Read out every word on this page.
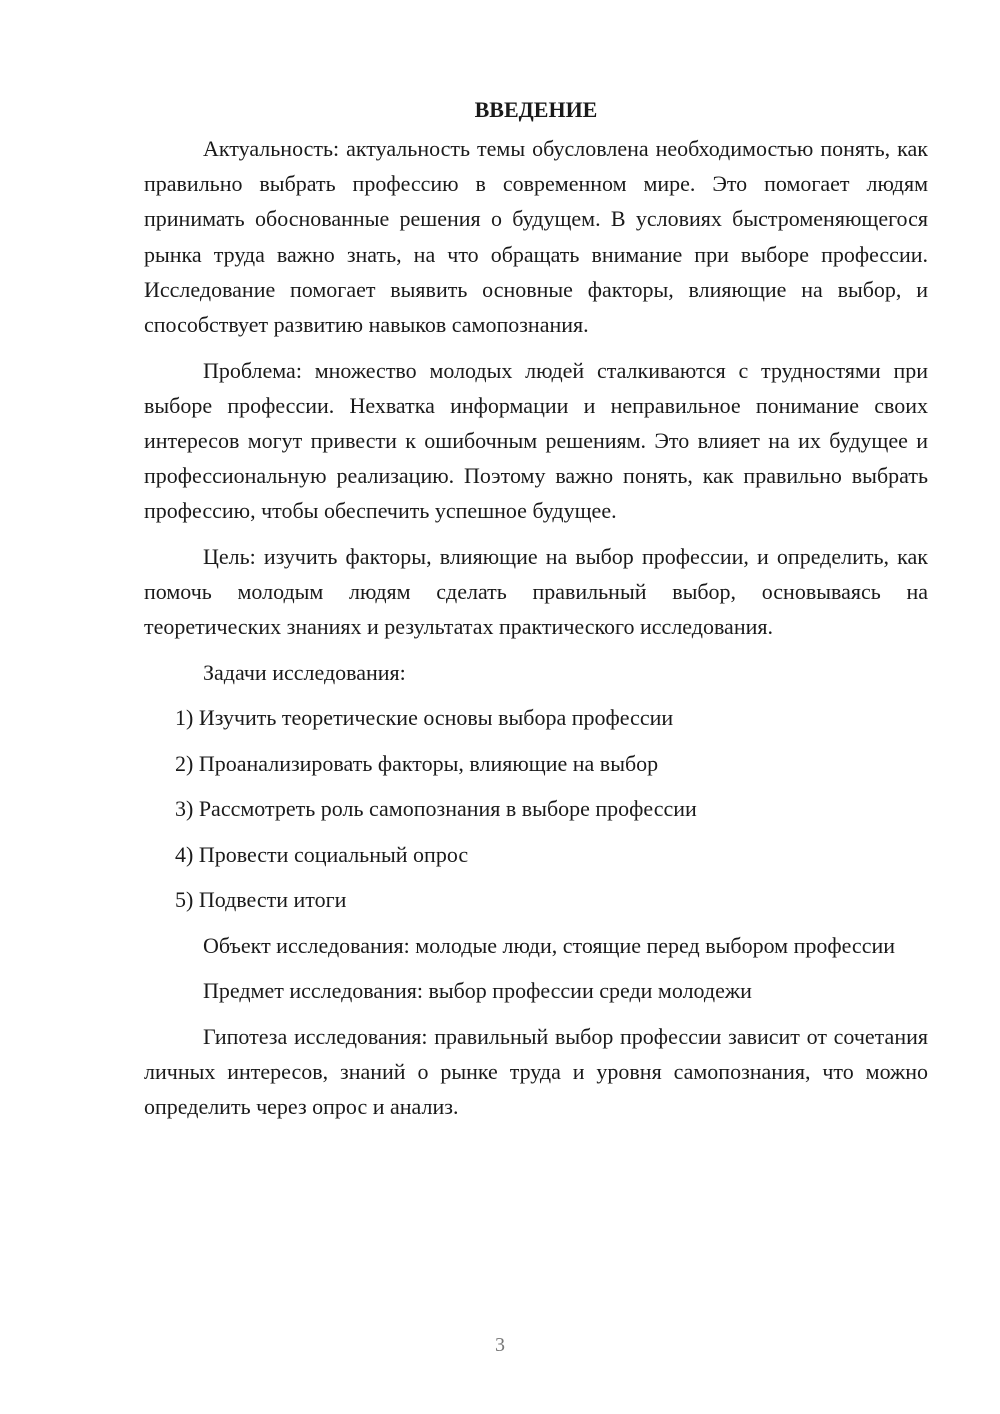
ВВЕДЕНИЕ

Актуальность: актуальность темы обусловлена необходимостью понять, как правильно выбрать профессию в современном мире. Это помогает людям принимать обоснованные решения о будущем. В условиях быстроменяющегося рынка труда важно знать, на что обращать внимание при выборе профессии. Исследование помогает выявить основные факторы, влияющие на выбор, и способствует развитию навыков самопознания.

Проблема: множество молодых людей сталкиваются с трудностями при выборе профессии. Нехватка информации и неправильное понимание своих интересов могут привести к ошибочным решениям. Это влияет на их будущее и профессиональную реализацию. Поэтому важно понять, как правильно выбрать профессию, чтобы обеспечить успешное будущее.

Цель: изучить факторы, влияющие на выбор профессии, и определить, как помочь молодым людям сделать правильный выбор, основываясь на теоретических знаниях и результатах практического исследования.

Задачи исследования:

1) Изучить теоретические основы выбора профессии
2) Проанализировать факторы, влияющие на выбор
3) Рассмотреть роль самопознания в выборе профессии
4) Провести социальный опрос
5) Подвести итоги

Объект исследования: молодые люди, стоящие перед выбором профессии

Предмет исследования: выбор профессии среди молодежи

Гипотеза исследования: правильный выбор профессии зависит от сочетания личных интересов, знаний о рынке труда и уровня самопознания, что можно определить через опрос и анализ.

3
